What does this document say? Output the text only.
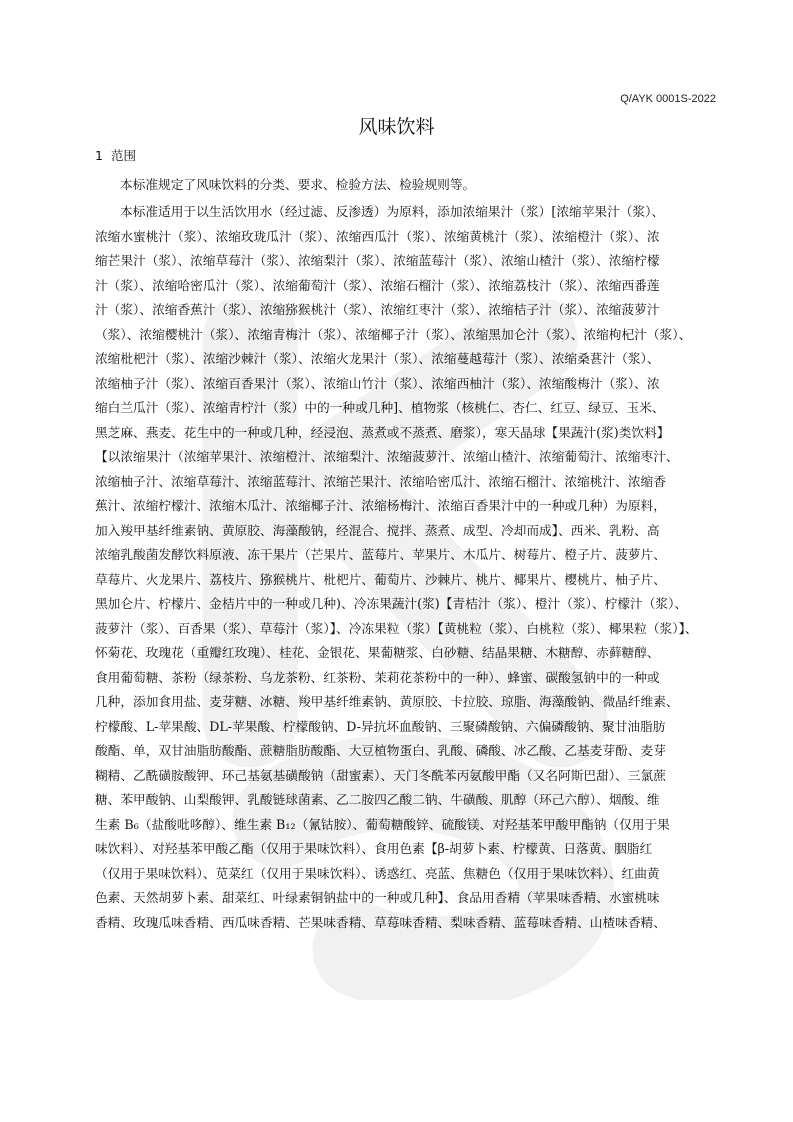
Q/AYK 0001S-2022
风味饮料
1 范围
本标准规定了风味饮料的分类、要求、检验方法、检验规则等。
本标准适用于以生活饮用水（经过滤、反渗透）为原料，添加浓缩果汁（浆）[浓缩苹果汁（浆）、
浓缩水蜜桃汁（浆）、浓缩玫珑瓜汁（浆）、浓缩西瓜汁（浆）、浓缩黄桃汁（浆）、浓缩橙汁（浆）、浓
缩芒果汁（浆）、浓缩草莓汁（浆）、浓缩梨汁（浆）、浓缩蓝莓汁（浆）、浓缩山楂汁（浆）、浓缩柠檬
汁（浆）、浓缩哈密瓜汁（浆）、浓缩葡萄汁（浆）、浓缩石榴汁（浆）、浓缩荔枝汁（浆）、浓缩西番莲
汁（浆）、浓缩香蕉汁（浆）、浓缩猕猴桃汁（浆）、浓缩红枣汁（浆）、浓缩桔子汁（浆）、浓缩菠萝汁
（浆）、浓缩樱桃汁（浆）、浓缩青梅汁（浆）、浓缩椰子汁（浆）、浓缩黑加仑汁（浆）、浓缩枸杞汁（浆）、
浓缩枇杷汁（浆）、浓缩沙棘汁（浆）、浓缩火龙果汁（浆）、浓缩蔓越莓汁（浆）、浓缩桑葚汁（浆）、
浓缩柚子汁（浆）、浓缩百香果汁（浆）、浓缩山竹汁（浆）、浓缩西柚汁（浆）、浓缩酸梅汁（浆）、浓
缩白兰瓜汁（浆）、浓缩青柠汁（浆）中的一种或几种]、植物浆（核桃仁、杏仁、红豆、绿豆、玉米、
黑芝麻、燕麦、花生中的一种或几种，经浸泡、蒸煮或不蒸煮、磨浆），寒天晶球【果蔬汁(浆)类饮料】
【以浓缩果汁（浓缩苹果汁、浓缩橙汁、浓缩梨汁、浓缩菠萝汁、浓缩山楂汁、浓缩葡萄汁、浓缩枣汁、
浓缩柚子汁、浓缩草莓汁、浓缩蓝莓汁、浓缩芒果汁、浓缩哈密瓜汁、浓缩石榴汁、浓缩桃汁、浓缩香
蕉汁、浓缩柠檬汁、浓缩木瓜汁、浓缩椰子汁、浓缩杨梅汁、浓缩百香果汁中的一种或几种）为原料，
加入羧甲基纤维素钠、黄原胶、海藻酸钠，经混合、搅拌、蒸煮、成型、冷却而成】、西米、乳粉、高
浓缩乳酸菌发酵饮料原液、冻干果片（芒果片、蓝莓片、苹果片、木瓜片、树莓片、橙子片、菠萝片、
草莓片、火龙果片、荔枝片、猕猴桃片、枇杷片、葡萄片、沙棘片、桃片、椰果片、樱桃片、柚子片、
黑加仑片、柠檬片、金桔片中的一种或几种)、冷冻果蔬汁(浆)【青桔汁（浆）、橙汁（浆）、柠檬汁（浆）、
菠萝汁（浆）、百香果（浆）、草莓汁（浆）】、冷冻果粒（浆）【黄桃粒（浆）、白桃粒（浆）、椰果粒（浆）】、
怀菊花、玫瑰花（重瓣红玫瑰）、桂花、金银花、果葡糖浆、白砂糖、结晶果糖、木糖醇、赤藓糖醇、
食用葡萄糖、茶粉（绿茶粉、乌龙茶粉、红茶粉、茉莉花茶粉中的一种）、蜂蜜、碳酸氢钠中的一种或
几种，添加食用盐、麦芽糖、冰糖、羧甲基纤维素钠、黄原胶、卡拉胶、琼脂、海藻酸钠、微晶纤维素、
柠檬酸、L-苹果酸、DL-苹果酸、柠檬酸钠、D-异抗坏血酸钠、三聚磷酸钠、六偏磷酸钠、聚甘油脂肪
酸酯、单，双甘油脂肪酸酯、蔗糖脂肪酸酯、大豆植物蛋白、乳酸、磷酸、冰乙酸、乙基麦芽酚、麦芽
糊精、乙酰磺胺酸钾、环己基氨基磺酸钠（甜蜜素）、天门冬酰苯丙氨酸甲酯（又名阿斯巴甜）、三氯蔗
糖、苯甲酸钠、山梨酸钾、乳酸链球菌素、乙二胺四乙酸二钠、牛磺酸、肌醇（环己六醇）、烟酸、维
生素 B₆（盐酸吡哆醇）、维生素 B₁₂（氰钴胺）、葡萄糖酸锌、硫酸镁、对羟基苯甲酸甲酯钠（仅用于果
味饮料）、对羟基苯甲酸乙酯（仅用于果味饮料）、食用色素【β-胡萝卜素、柠檬黄、日落黄、胭脂红
（仅用于果味饮料）、苋菜红（仅用于果味饮料）、诱惑红、亮蓝、焦糖色（仅用于果味饮料）、红曲黄
色素、天然胡萝卜素、甜菜红、叶绿素铜钠盐中的一种或几种】、食品用香精（苹果味香精、水蜜桃味
香精、玫瑰瓜味香精、西瓜味香精、芒果味香精、草莓味香精、梨味香精、蓝莓味香精、山楂味香精、
